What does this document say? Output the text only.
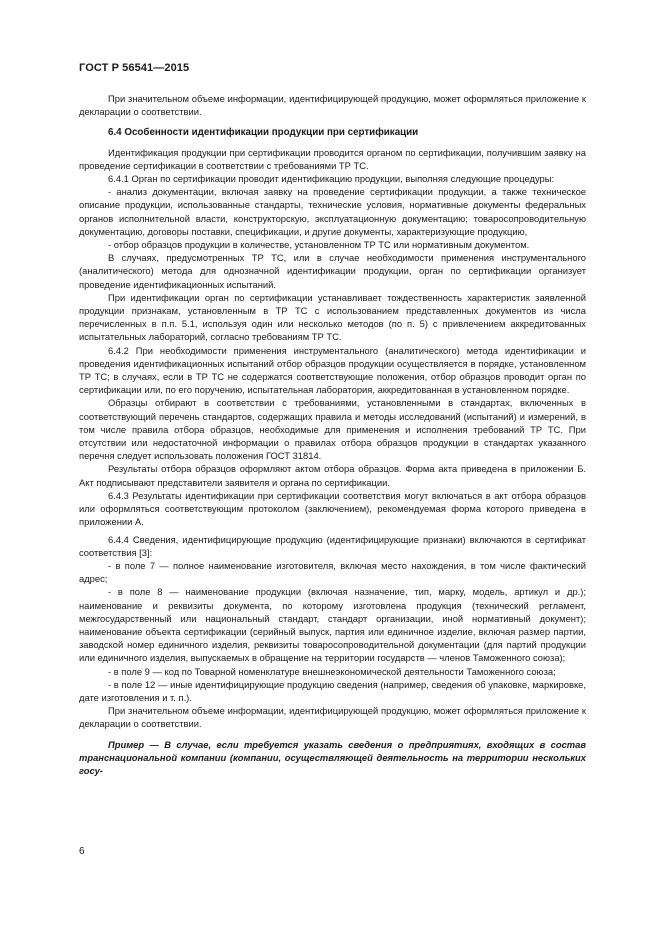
ГОСТ Р 56541—2015

При значительном объеме информации, идентифицирующей продукцию, может оформляться приложение к декларации о соответствии.

6.4 Особенности идентификации продукции при сертификации

Идентификация продукции при сертификации проводится органом по сертификации, получившим заявку на проведение сертификации в соответствии с требованиями ТР ТС.

6.4.1 Орган по сертификации проводит идентификацию продукции, выполняя следующие процедуры:

- анализ документации, включая заявку на проведение сертификации продукции, а также техническое описание продукции, использованные стандарты, технические условия, нормативные документы федеральных органов исполнительной власти, конструкторскую, эксплуатационную документацию; товаросопроводительную документацию, договоры поставки, спецификации, и другие документы, характеризующие продукцию,

- отбор образцов продукции в количестве, установленном ТР ТС или нормативным документом.

В случаях, предусмотренных ТР ТС, или в случае необходимости применения инструментального (аналитического) метода для однозначной идентификации продукции, орган по сертификации организует проведение идентификационных испытаний.

При идентификации орган по сертификации устанавливает тождественность характеристик заявленной продукции признакам, установленным в ТР ТС с использованием представленных документов из числа перечисленных в п.п. 5.1, используя один или несколько методов (по п. 5) с привлечением аккредитованных испытательных лабораторий, согласно требованиям ТР ТС.

6.4.2 При необходимости применения инструментального (аналитического) метода идентификации и проведения идентификационных испытаний отбор образцов продукции осуществляется в порядке, установленном ТР ТС; в случаях, если в ТР ТС не содержатся соответствующие положения, отбор образцов проводит орган по сертификации или, по его поручению, испытательная лаборатория, аккредитованная в установленном порядке.

Образцы отбирают в соответствии с требованиями, установленными в стандартах, включенных в соответствующий перечень стандартов, содержащих правила и методы исследований (испытаний) и измерений, в том числе правила отбора образцов, необходимые для применения и исполнения требований ТР ТС. При отсутствии или недостаточной информации о правилах отбора образцов продукции в стандартах указанного перечня следует использовать положения ГОСТ 31814.

Результаты отбора образцов оформляют актом отбора образцов. Форма акта приведена в приложении Б. Акт подписывают представители заявителя и органа по сертификации.

6.4.3 Результаты идентификации при сертификации соответствия могут включаться в акт отбора образцов или оформляться соответствующим протоколом (заключением), рекомендуемая форма которого приведена в приложении А.

6.4.4 Сведения, идентифицирующие продукцию (идентифицирующие признаки) включаются в сертификат соответствия [3]:

- в поле 7 — полное наименование изготовителя, включая место нахождения, в том числе фактический адрес;

- в поле 8 — наименование продукции (включая назначение, тип, марку, модель, артикул и др.); наименование и реквизиты документа, по которому изготовлена продукция (технический регламент, межгосударственный или национальный стандарт, стандарт организации, иной нормативный документ); наименование объекта сертификации (серийный выпуск, партия или единичное изделие, включая размер партии, заводской номер единичного изделия, реквизиты товаросопроводительной документации (для партий продукции или единичного изделия, выпускаемых в обращение на территории государств — членов Таможенного союза);

- в поле 9 — код по Товарной номенклатуре внешнеэкономической деятельности Таможенного союза;

- в поле 12 — иные идентифицирующие продукцию сведения (например, сведения об упаковке, маркировке, дате изготовления и т. п.).

При значительном объеме информации, идентифицирующей продукцию, может оформляться приложение к декларации о соответствии.

Пример — В случае, если требуется указать сведения о предприятиях, входящих в состав транснациональной компании (компании, осуществляющей деятельность на территории нескольких госу-

6
